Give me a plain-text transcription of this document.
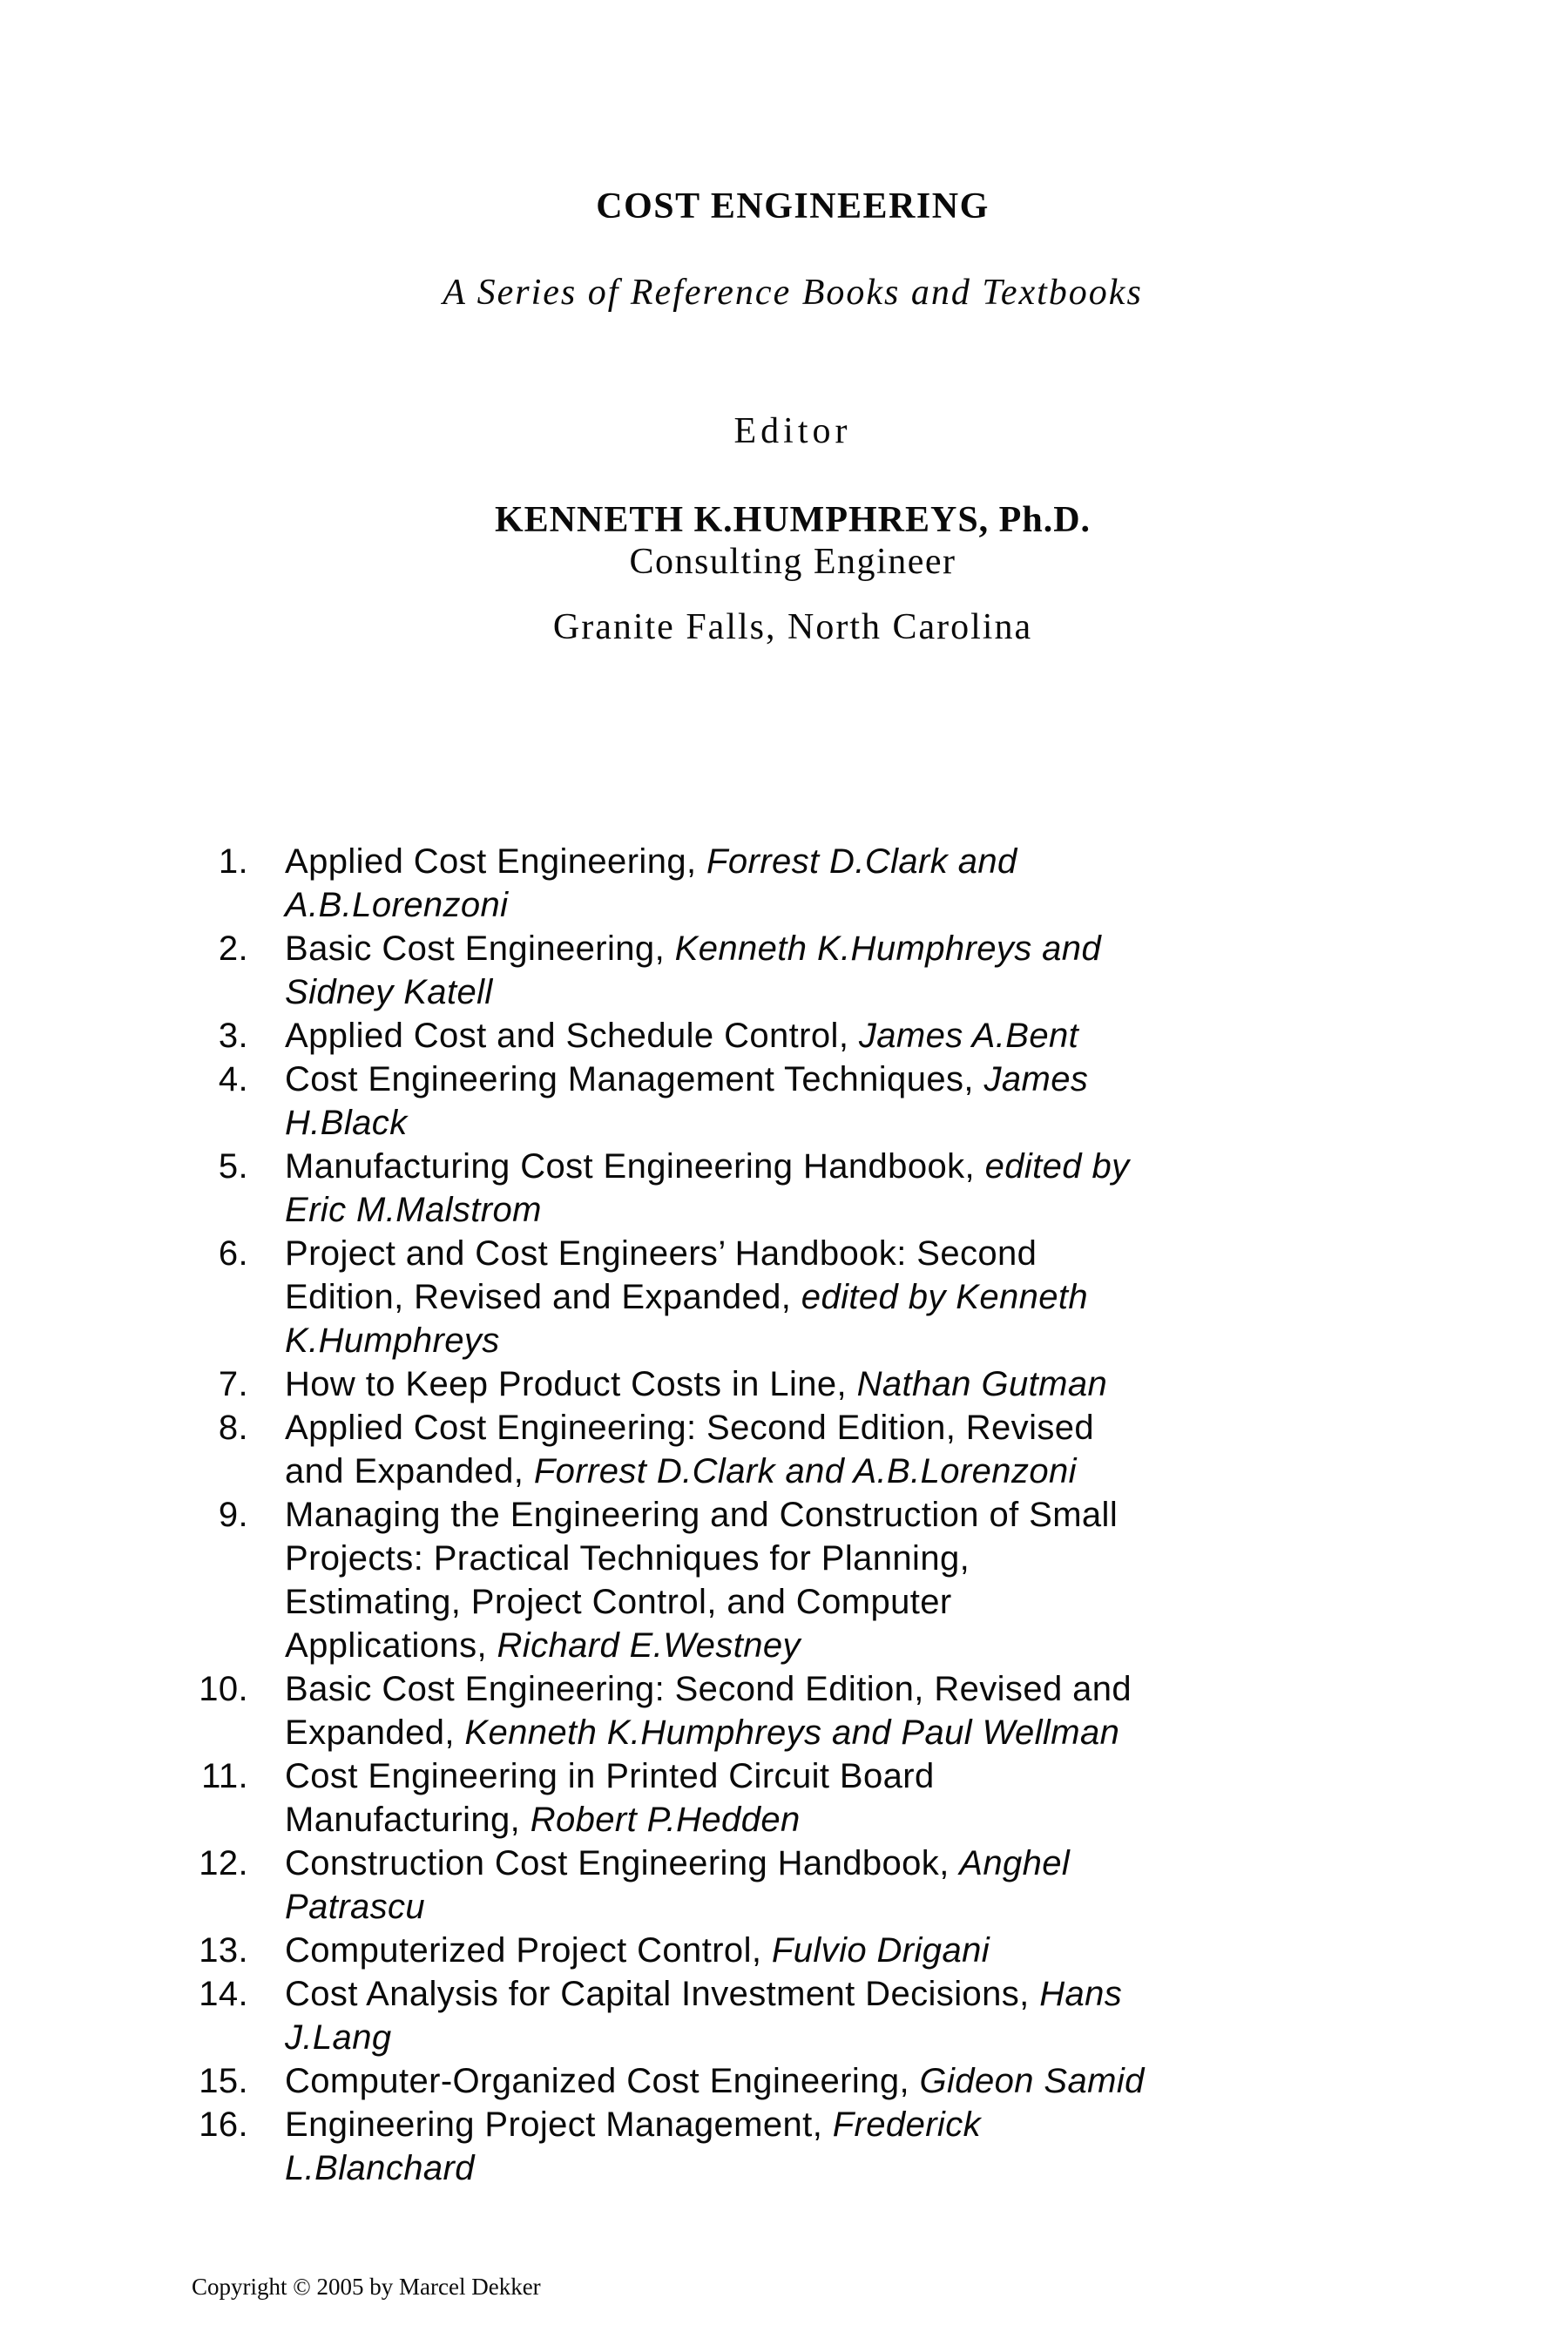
COST ENGINEERING
A Series of Reference Books and Textbooks
Editor
KENNETH K.HUMPHREYS, Ph.D.
Consulting Engineer
Granite Falls, North Carolina
1. Applied Cost Engineering, Forrest D.Clark and
A.B.Lorenzoni
2. Basic Cost Engineering, Kenneth K.Humphreys and
Sidney Katell
3. Applied Cost and Schedule Control, James A.Bent
4. Cost Engineering Management Techniques, James
H.Black
5. Manufacturing Cost Engineering Handbook, edited by
Eric M.Malstrom
6. Project and Cost Engineers’ Handbook: Second
Edition, Revised and Expanded, edited by Kenneth
K.Humphreys
7. How to Keep Product Costs in Line, Nathan Gutman
8. Applied Cost Engineering: Second Edition, Revised
and Expanded, Forrest D.Clark and A.B.Lorenzoni
9. Managing the Engineering and Construction of Small
Projects: Practical Techniques for Planning,
Estimating, Project Control, and Computer
Applications, Richard E.Westney
10. Basic Cost Engineering: Second Edition, Revised and
Expanded, Kenneth K.Humphreys and Paul Wellman
11. Cost Engineering in Printed Circuit Board
Manufacturing, Robert P.Hedden
12. Construction Cost Engineering Handbook, Anghel
Patrascu
13. Computerized Project Control, Fulvio Drigani
14. Cost Analysis for Capital Investment Decisions, Hans
J.Lang
15. Computer-Organized Cost Engineering, Gideon Samid
16. Engineering Project Management, Frederick
L.Blanchard
Copyright © 2005 by Marcel Dekker
